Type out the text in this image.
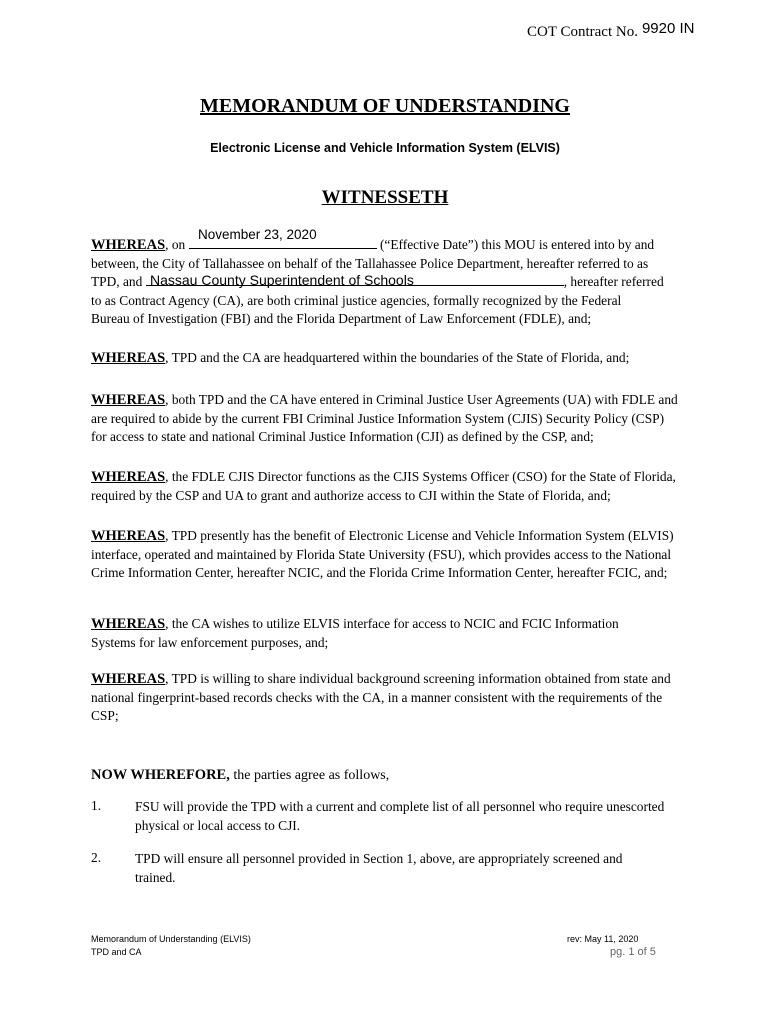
COT Contract No. 9920 IN
MEMORANDUM OF UNDERSTANDING
Electronic License and Vehicle Information System (ELVIS)
WITNESSETH
November 23, 2020
Nassau County Superintendent of Schools
WHEREAS, on	(“Effective Date”) this MOU is entered into by and
between, the City of Tallahassee on behalf of the Tallahassee Police Department, hereafter referred to as
TPD, and	, hereafter referred
to as Contract Agency (CA), are both criminal justice agencies, formally recognized by the Federal
Bureau of Investigation (FBI) and the Florida Department of Law Enforcement (FDLE), and;
WHEREAS, TPD and the CA are headquartered within the boundaries of the State of Florida, and;
WHEREAS, both TPD and the CA have entered in Criminal Justice User Agreements (UA) with FDLE and are required to abide by the current FBI Criminal Justice Information System (CJIS) Security Policy (CSP) for access to state and national Criminal Justice Information (CJI) as defined by the CSP, and;
WHEREAS, the FDLE CJIS Director functions as the CJIS Systems Officer (CSO) for the State of Florida, required by the CSP and UA to grant and authorize access to CJI within the State of Florida, and;
WHEREAS, TPD presently has the benefit of Electronic License and Vehicle Information System (ELVIS) interface, operated and maintained by Florida State University (FSU), which provides access to the National Crime Information Center, hereafter NCIC, and the Florida Crime Information Center, hereafter FCIC, and;
WHEREAS, the CA wishes to utilize ELVIS interface for access to NCIC and FCIC Information Systems for law enforcement purposes, and;
WHEREAS, TPD is willing to share individual background screening information obtained from state and national fingerprint-based records checks with the CA, in a manner consistent with the requirements of the CSP;
NOW WHEREFORE, the parties agree as follows,
1.	FSU will provide the TPD with a current and complete list of all personnel who require unescorted physical or local access to CJI.
2.	TPD will ensure all personnel provided in Section 1, above, are appropriately screened and trained.
Memorandum of Understanding (ELVIS)
TPD and CA
rev: May 11, 2020
pg. 1 of 5
